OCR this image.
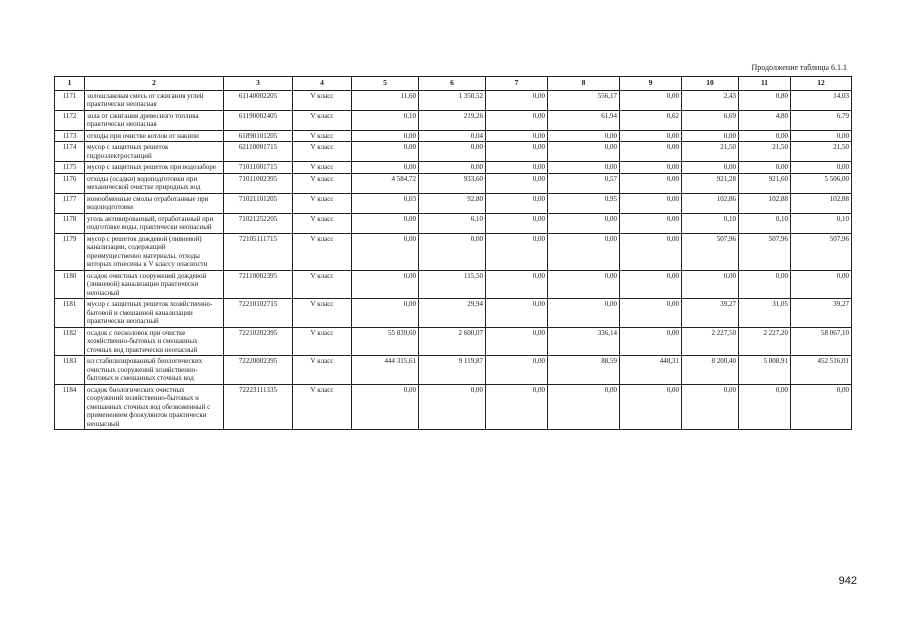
Продолжение таблицы 6.1.1
1	2	3	4	5	6	7	8	9	10	11	12
1171	золошлаковая смесь от сжигания углей практически неопасная	61140002205	V класс	11,60	1 350,52	0,00	556,17	0,00	2,43	0,80	14,03
1172	зола от сжигания древесного топлива практически неопасная	61190002405	V класс	0,10	219,26	0,00	61,94	0,62	6,69	4,80	6,79
1173	отходы при очистке котлов от накипи	61890101205	V класс	0,00	0,04	0,00	0,00	0,00	0,00	0,00	0,00
1174	мусор с защитных решеток гидроэлектростанций	62110001715	V класс	0,00	0,00	0,00	0,00	0,00	21,50	21,50	21,50
1175	мусор с защитных решеток при водозаборе	71011001715	V класс	0,00	0,00	0,00	0,00	0,00	0,00	0,00	0,00
1176	отходы (осадки) водоподготовки при механической очистке природных вод	71011002395	V класс	4 584,72	933,60	0,00	0,57	0,00	921,28	921,60	5 506,00
1177	ионообменные смолы отработанные при водоподготовке	71021101205	V класс	0,03	92,80	0,00	0,95	0,00	102,86	102,88	102,88
1178	уголь активированный, отработанный при подготовке воды, практически неопасный	71021252205	V класс	0,00	6,10	0,00	0,00	0,00	0,10	0,10	0,10
1179	мусор с решеток дождевой (ливневой) канализации, содержащий преимущественно материалы, отходы которых отнесены к V классу опасности	72105111715	V класс	0,00	0,00	0,00	0,00	0,00	507,96	507,96	507,96
1180	осадок очистных сооружений дождевой (ливневой) канализации практически неопасный	72110002395	V класс	0,00	115,50	0,00	0,00	0,00	0,00	0,00	0,00
1181	мусор с защитных решеток хозяйственно-бытовой и смешанной канализации практически неопасный	72210102715	V класс	0,00	29,94	0,00	0,00	0,00	39,27	31,05	39,27
1182	осадок с песколовок при очистке хозяйственно-бытовых и смешанных сточных вод практически неопасный	72210202395	V класс	55 839,60	2 600,07	0,00	336,14	0,00	2 227,50	2 227,20	58 067,10
1183	ил стабилизированный биологических очистных сооружений хозяйственно-бытовых и смешанных сточных вод	72220002395	V класс	444 315,61	9 119,87	0,00	88,59	448,31	8 200,40	5 008,91	452 516,01
1184	осадок биологических очистных сооружений хозяйственно-бытовых и смешанных сточных вод обезвоженный с применением флокулянтов практически неопасный	72223111335	V класс	0,00	0,00	0,00	0,00	0,00	0,00	0,00	0,00
942
